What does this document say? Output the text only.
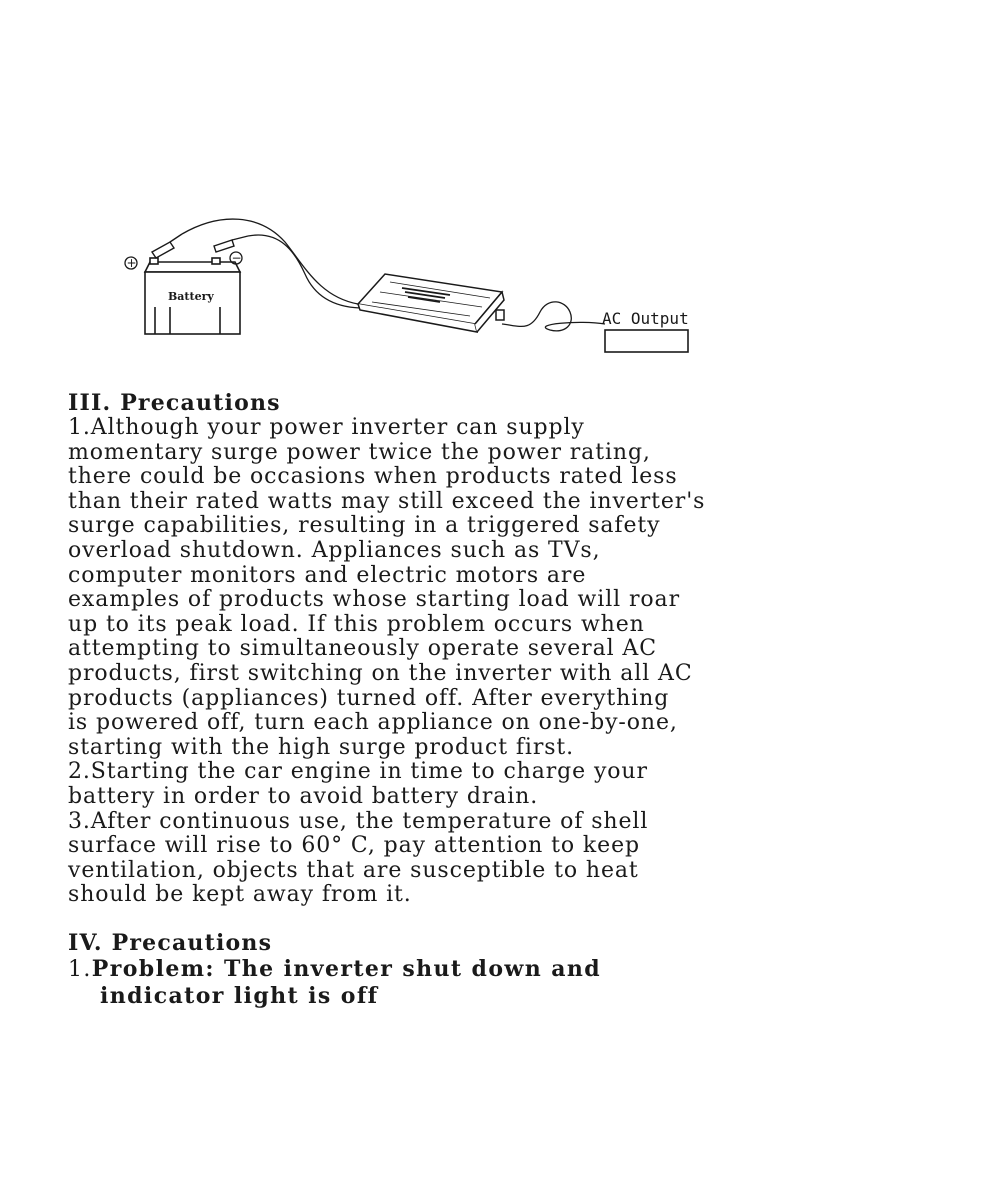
Battery
+	−
AC Output

III. Precautions

1.Although your power inverter can supply

momentary surge power twice the power rating,

there could be occasions when products rated less

than their rated watts may still exceed the inverter's

surge capabilities, resulting in a triggered safety

overload shutdown. Appliances such as TVs,

computer monitors and electric motors are

examples of products whose starting load will roar

up to its peak load. If this problem occurs when

attempting to simultaneously operate several AC

products, first switching on the inverter with all AC

products (appliances) turned off. After everything

is powered off, turn each appliance on one-by-one,

starting with the high surge product first.

2.Starting the car engine in time to charge your

battery in order to avoid battery drain.

3.After continuous use, the temperature of shell

surface will rise to 60° C, pay attention to keep

ventilation, objects that are susceptible to heat

should be kept away from it.

IV. Precautions

1.Problem: The inverter shut down and

indicator light is off
